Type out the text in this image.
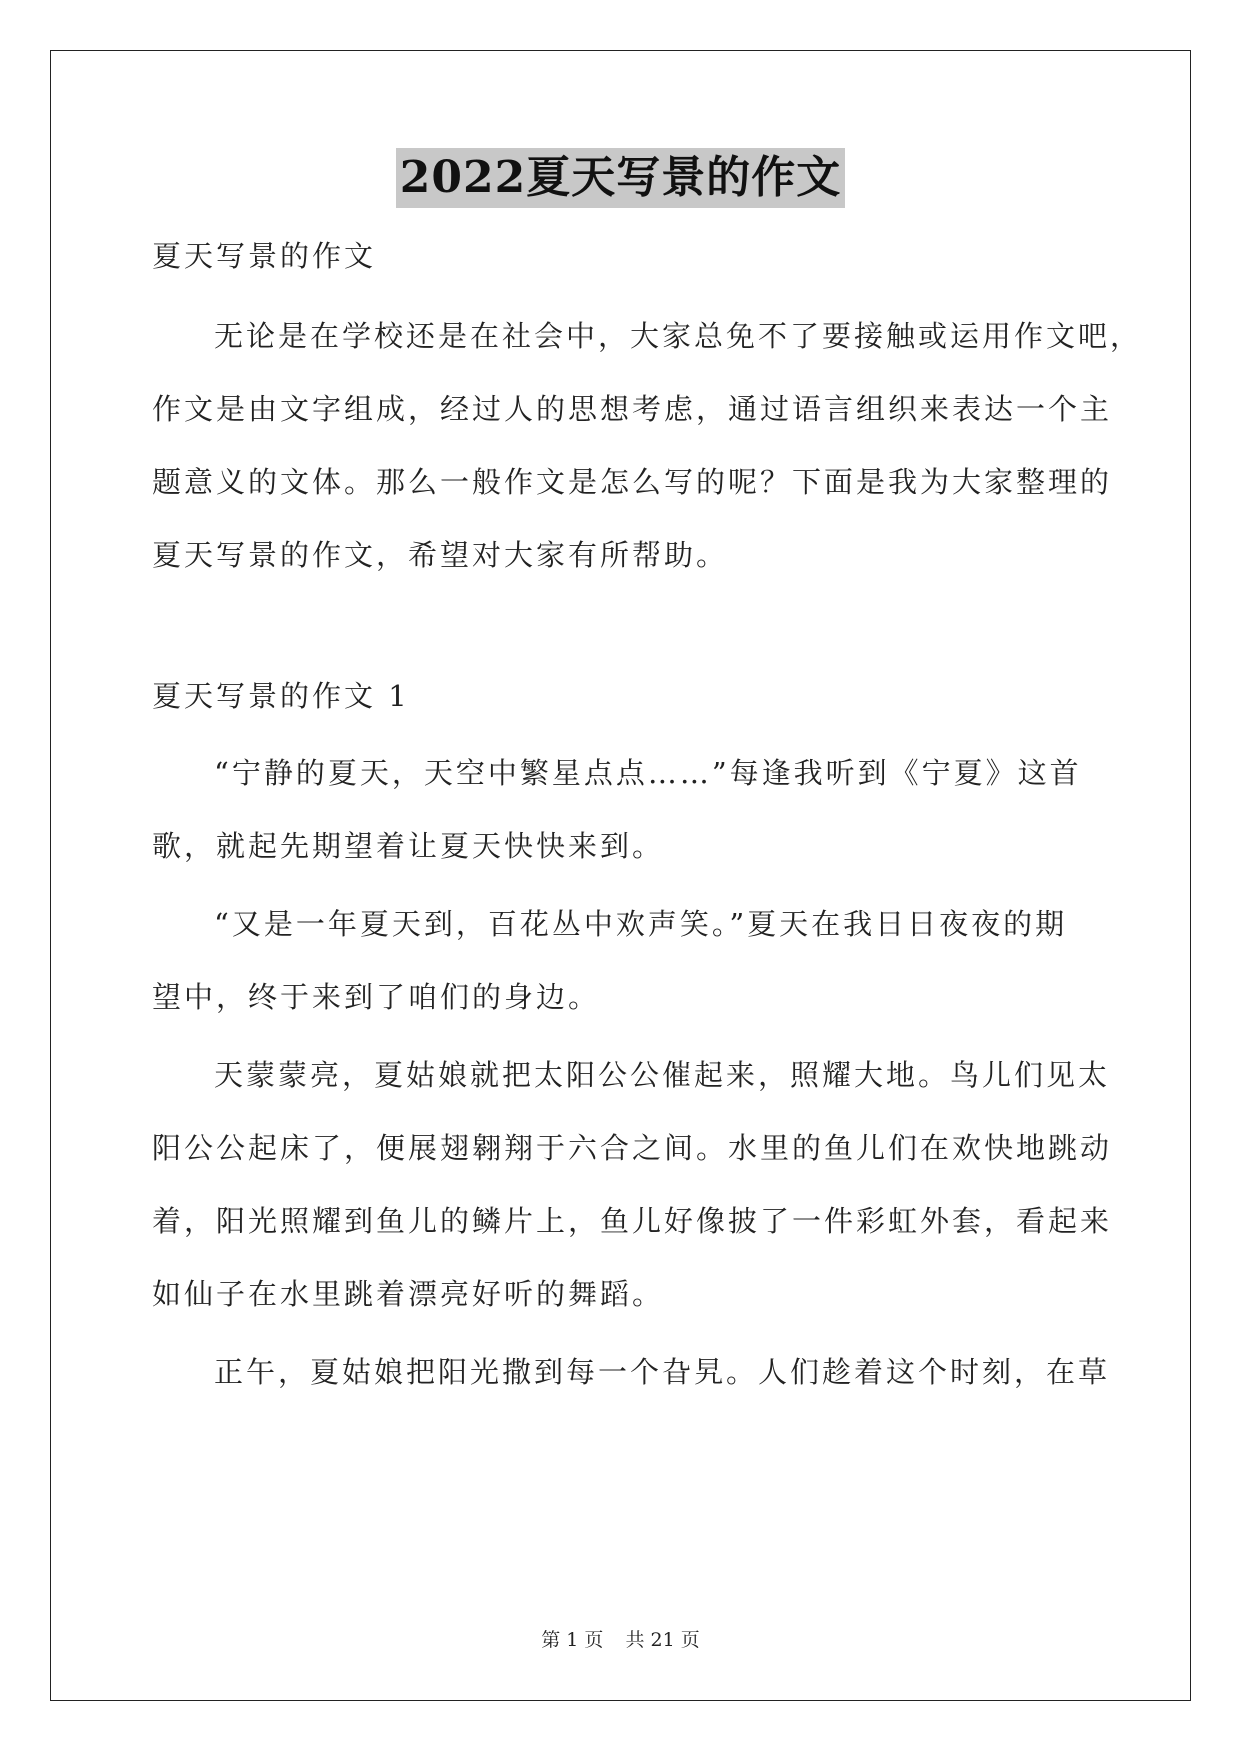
2022夏天写景的作文
夏天写景的作文
无论是在学校还是在社会中，大家总免不了要接触或运用作文吧，
作文是由文字组成，经过人的思想考虑，通过语言组织来表达一个主
题意义的文体。那么一般作文是怎么写的呢？下面是我为大家整理的
夏天写景的作文，希望对大家有所帮助。
夏天写景的作文 1
“宁静的夏天，天空中繁星点点……”每逢我听到《宁夏》这首
歌，就起先期望着让夏天快快来到。
“又是一年夏天到，百花丛中欢声笑。”夏天在我日日夜夜的期
望中，终于来到了咱们的身边。
天蒙蒙亮，夏姑娘就把太阳公公催起来，照耀大地。鸟儿们见太
阳公公起床了，便展翅翱翔于六合之间。水里的鱼儿们在欢快地跳动
着，阳光照耀到鱼儿的鳞片上，鱼儿好像披了一件彩虹外套，看起来
如仙子在水里跳着漂亮好听的舞蹈。
正午，夏姑娘把阳光撒到每一个旮旯。人们趁着这个时刻，在草
第 1 页 共 21 页
